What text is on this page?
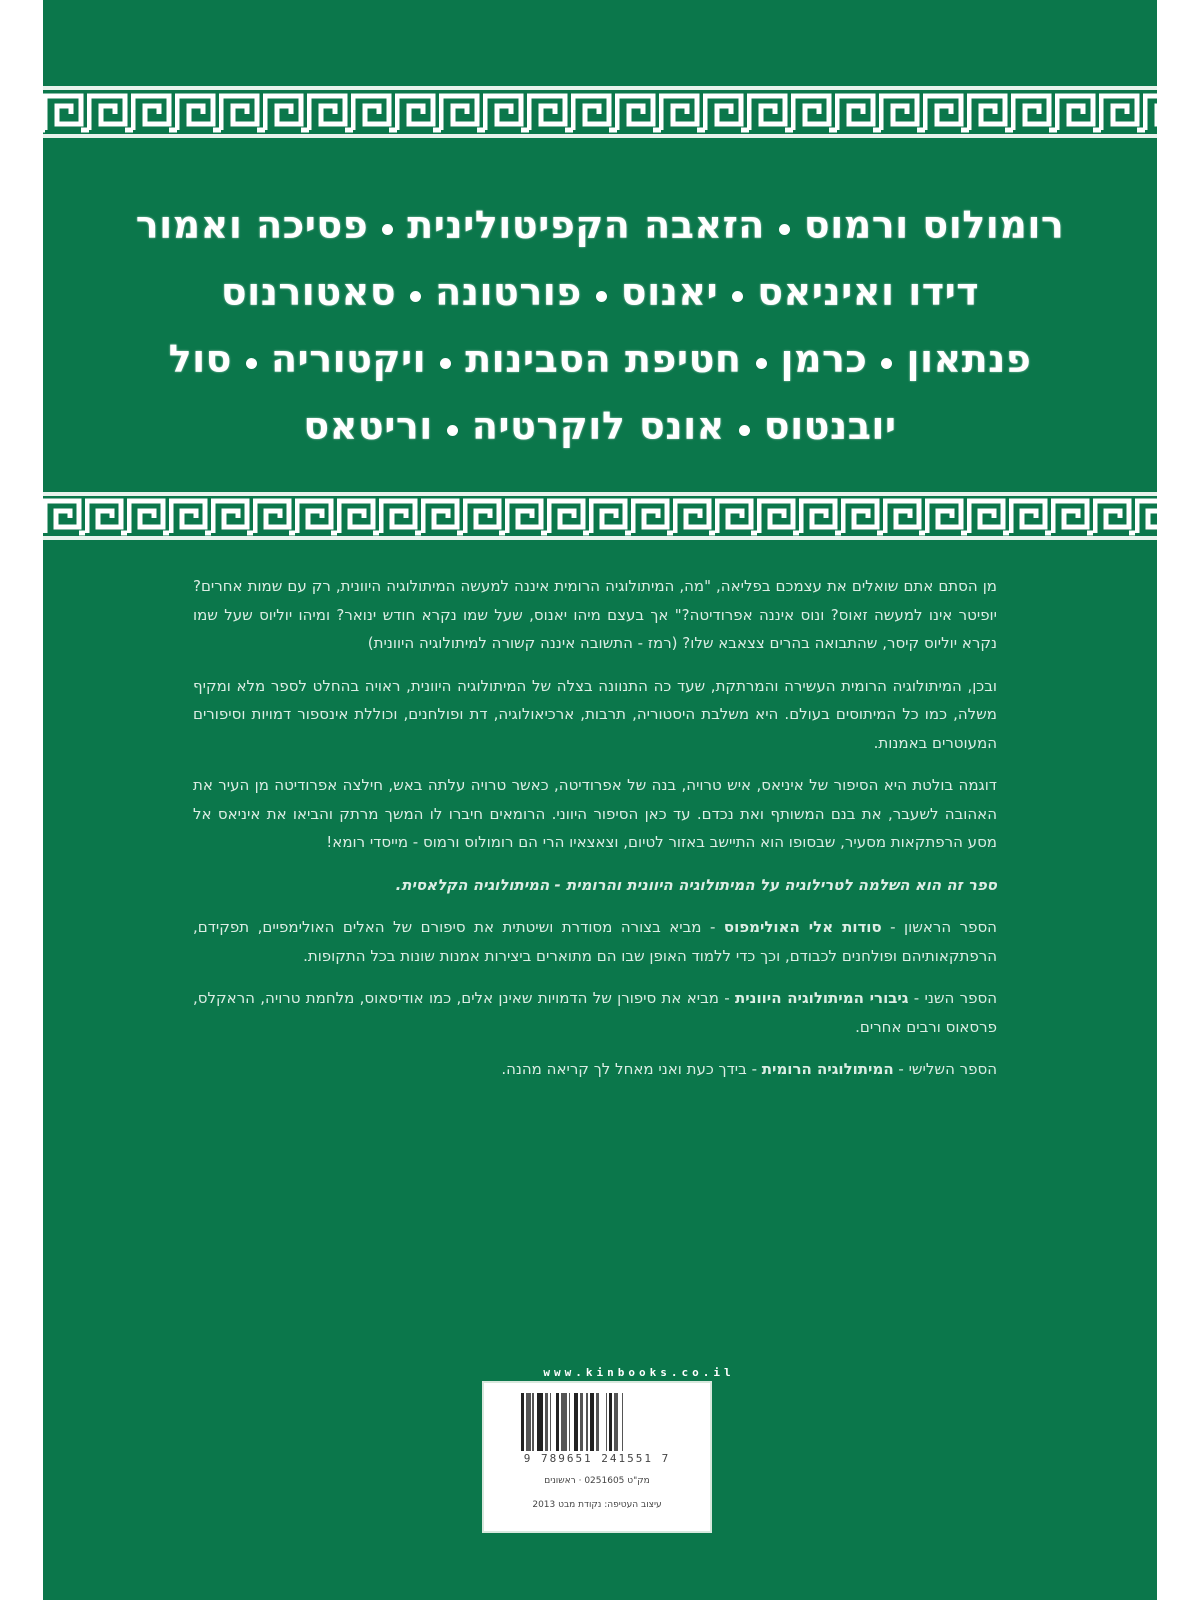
רומולוס ורמוסהזאבה הקפיטוליניתפסיכה ואמור
דידו ואיניאסיאנוספורטונהסאטורנוס
פנתאוןכרמןחטיפת הסבינותויקטוריהסול
יובנטוסאונס לוקרטיהוריטאס

מן הסתם אתם שואלים את עצמכם בפליאה, "מה, המיתולוגיה הרומית איננה למעשה המיתולוגיה היוונית, רק עם שמות אחרים? יופיטר אינו למעשה זאוס? ונוס איננה אפרודיטה?" אך בעצם מיהו יאנוס, שעל שמו נקרא חודש ינואר? ומיהו יוליוס שעל שמו נקרא יוליוס קיסר, שהתבואה בהרים צצאבא שלו? (רמז - התשובה איננה קשורה למיתולוגיה היוונית)

ובכן, המיתולוגיה הרומית העשירה והמרתקת, שעד כה התנוונה בצלה של המיתולוגיה היוונית, ראויה בהחלט לספר מלא ומקיף משלה, כמו כל המיתוסים בעולם. היא משלבת היסטוריה, תרבות, ארכיאולוגיה, דת ופולחנים, וכוללת אינספור דמויות וסיפורים המעוטרים באמנות.

דוגמה בולטת היא הסיפור של איניאס, איש טרויה, בנה של אפרודיטה, כאשר טרויה עלתה באש, חילצה אפרודיטה מן העיר את האהובה לשעבר, את בנם המשותף ואת נכדם. עד כאן הסיפור היווני. הרומאים חיברו לו המשך מרתק והביאו את איניאס אל מסע הרפתקאות מסעיר, שבסופו הוא התיישב באזור לטיום, וצאצאיו הרי הם רומולוס ורמוס - מייסדי רומא!

ספר זה הוא השלמה לטרילוגיה על המיתולוגיה היוונית והרומית - המיתולוגיה הקלאסית.

הספר הראשון - סודות אלי האולימפוס - מביא בצורה מסודרת ושיטתית את סיפורם של האלים האולימפיים, תפקידם, הרפתקאותיהם ופולחנים לכבודם, וכך כדי ללמוד האופן שבו הם מתוארים ביצירות אמנות שונות בכל התקופות.

הספר השני - גיבורי המיתולוגיה היוונית - מביא את סיפורן של הדמויות שאינן אלים, כמו אודיסאוס, מלחמת טרויה, הראקלס, פרסאוס ורבים אחרים.

הספר השלישי - המיתולוגיה הרומית - בידך כעת ואני מאחל לך קריאה מהנה.

www.kinbooks.co.il
9 789651 241551 7
מק"ט 0251605 · ראשונים
עיצוב העטיפה: נקודת מבט 2013
